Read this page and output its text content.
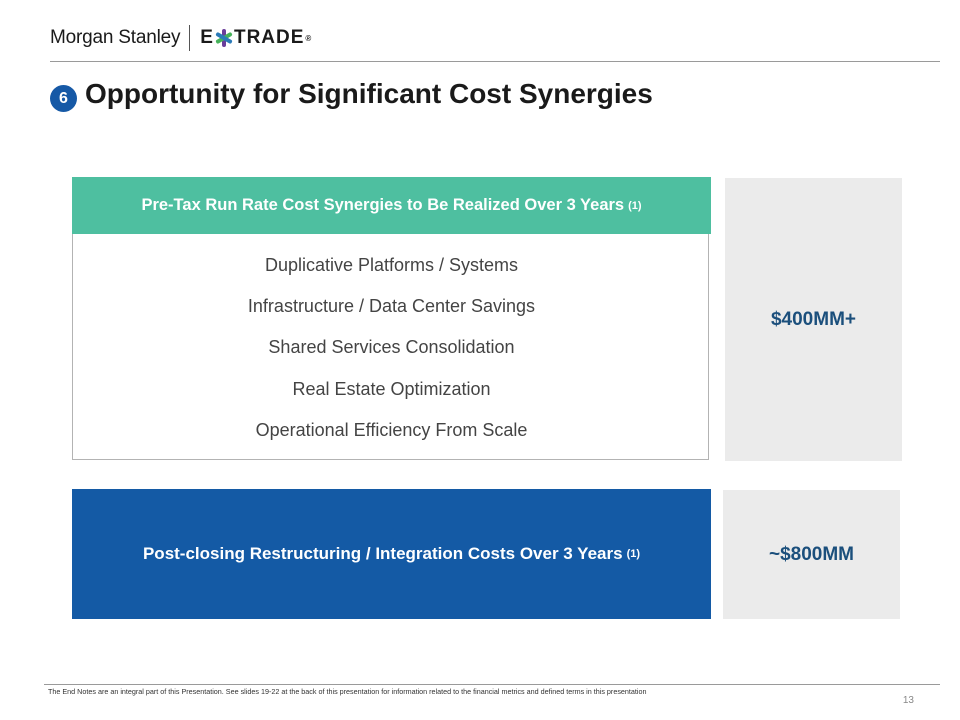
Morgan Stanley E TRADE ®
6 Opportunity for Significant Cost Synergies
Pre-Tax Run Rate Cost Synergies to Be Realized Over 3 Years (1)
Duplicative Platforms / Systems
Infrastructure / Data Center Savings
Shared Services Consolidation
Real Estate Optimization
Operational Efficiency From Scale
$400MM+
Post-closing Restructuring / Integration Costs Over 3 Years (1)	~$800MM
The End Notes are an integral part of this Presentation. See slides 19-22 at the back of this presentation for information related to the financial metrics and defined terms in this presentation
13
